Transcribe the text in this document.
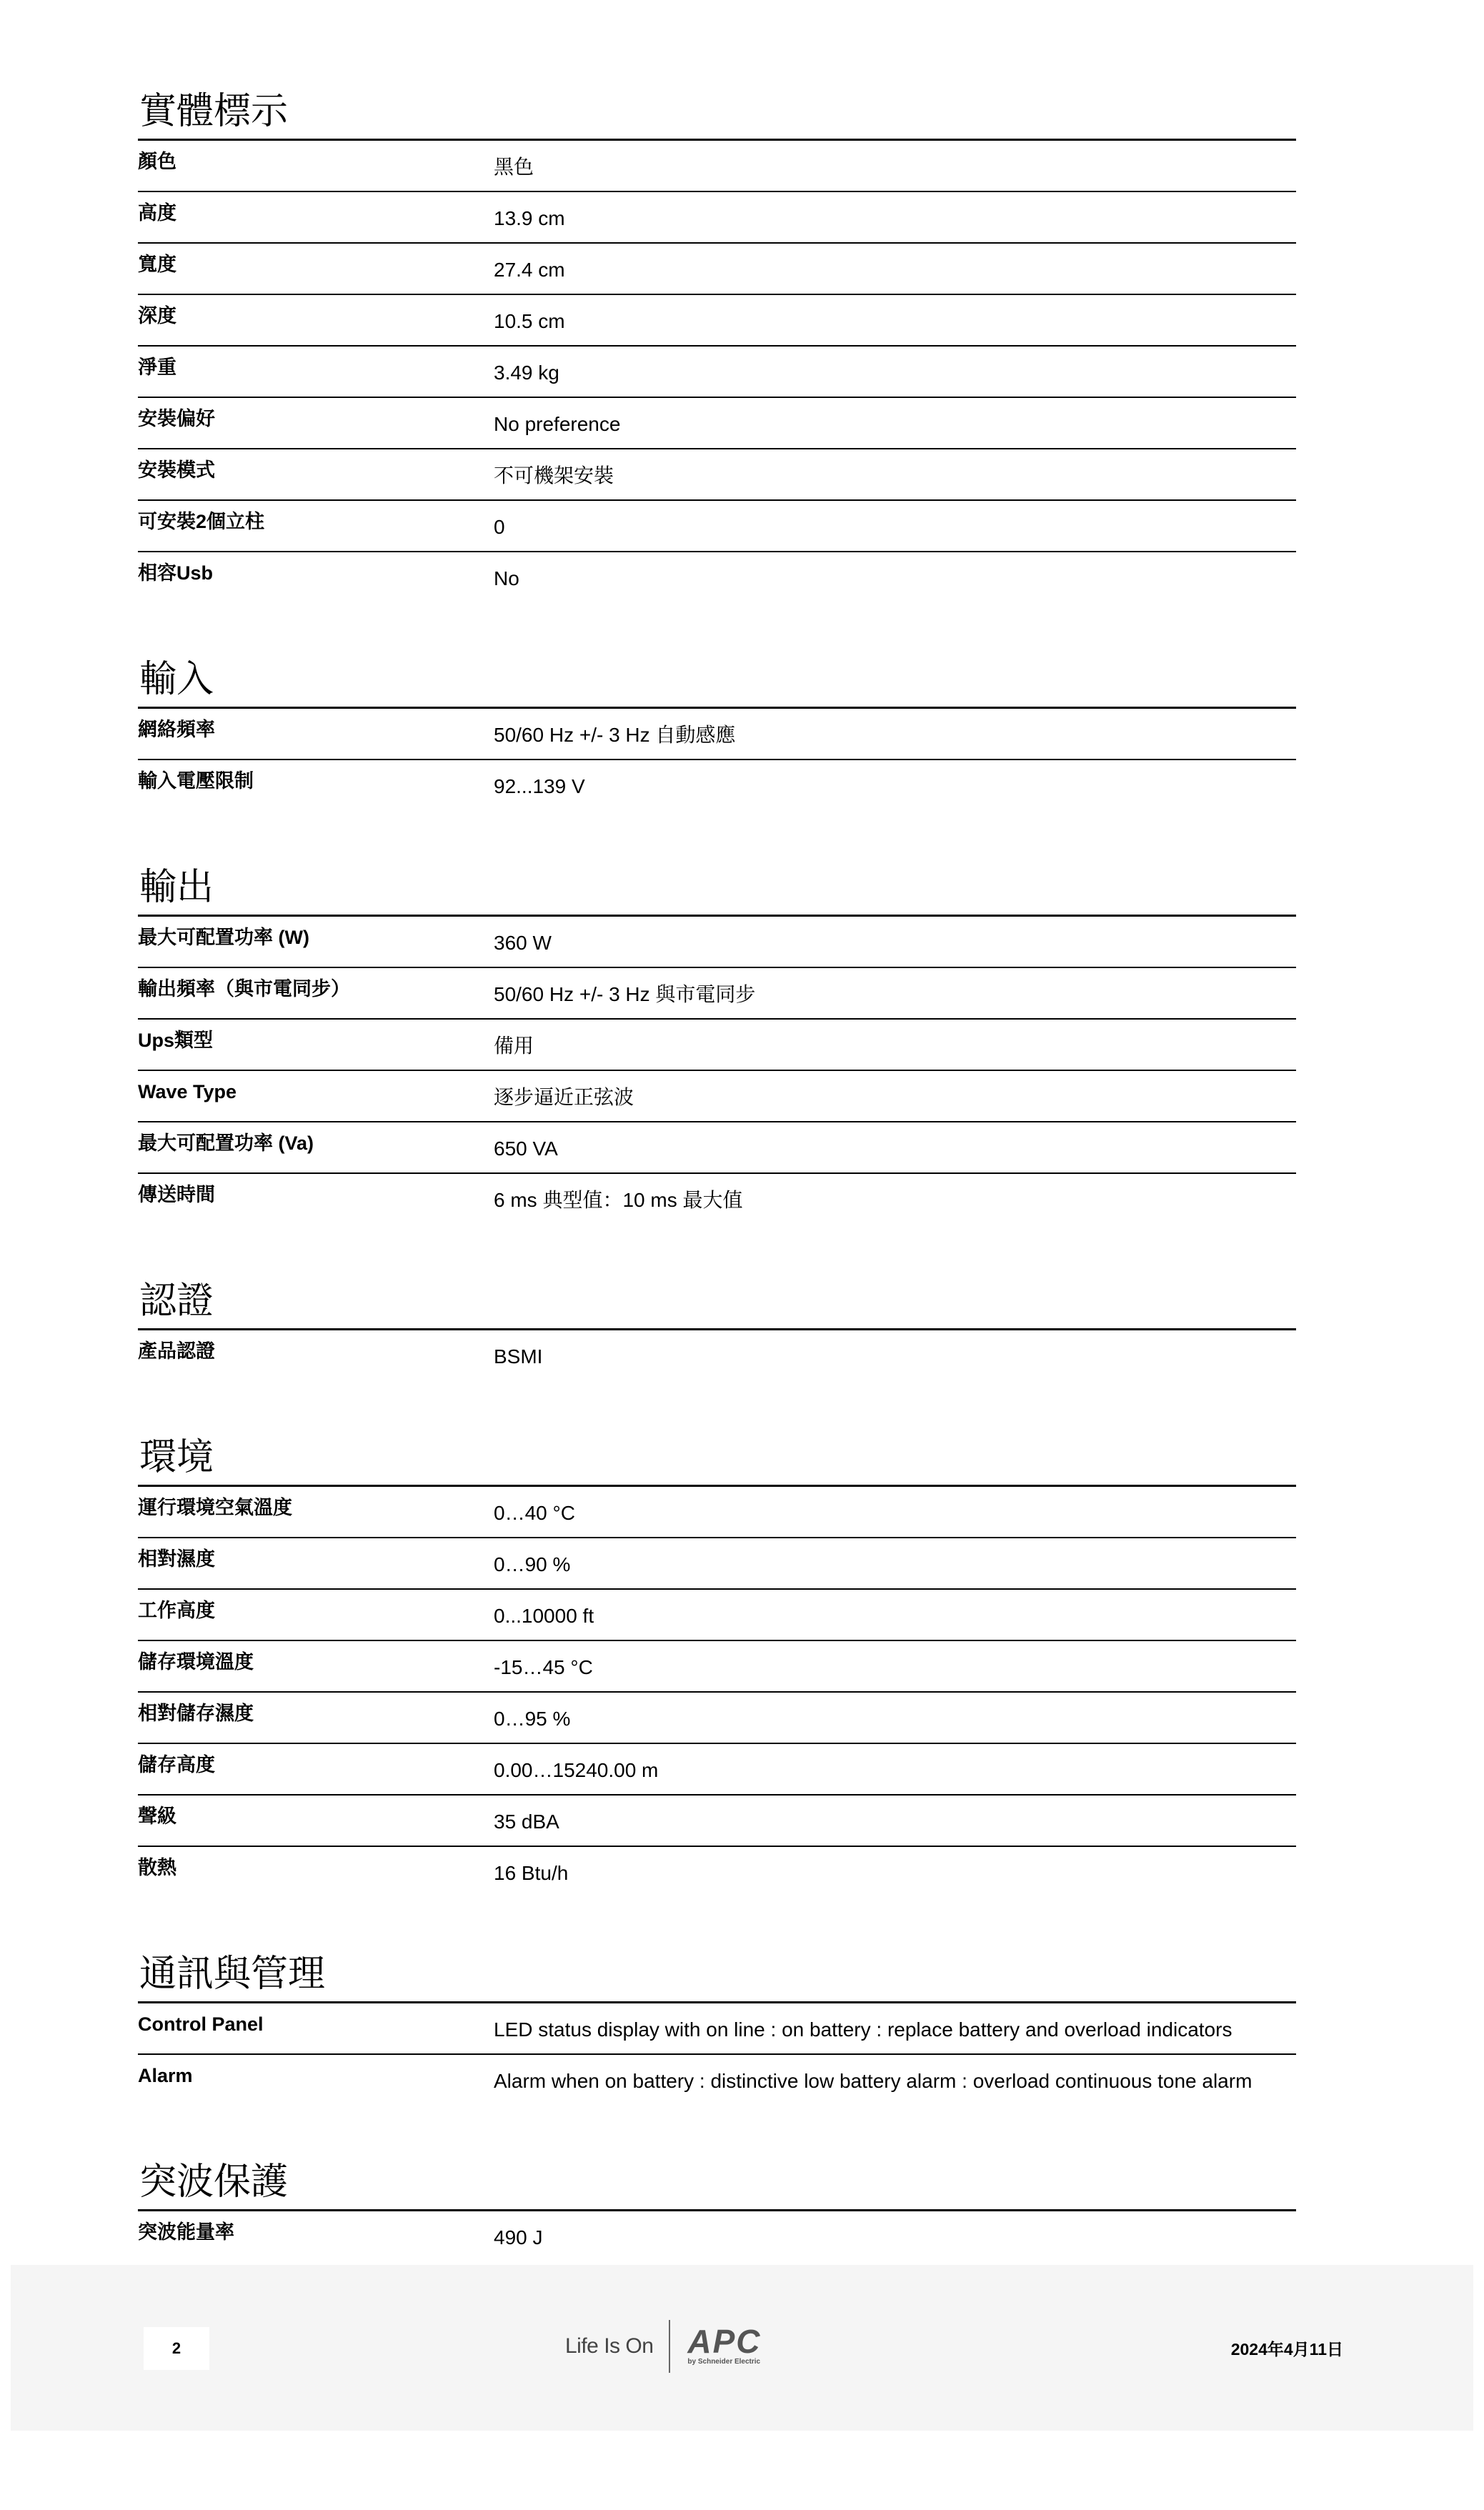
實體標示
顏色	黑色
高度	13.9 cm
寬度	27.4 cm
深度	10.5 cm
淨重	3.49 kg
安裝偏好	No preference
安裝模式	不可機架安裝
可安裝2個立柱	0
相容Usb	No
輸入
網絡頻率	50/60 Hz +/- 3 Hz 自動感應
輸入電壓限制	92...139 V
輸出
最大可配置功率 (W)	360 W
輸出頻率（與市電同步）	50/60 Hz +/- 3 Hz 與市電同步
Ups類型	備用
Wave Type	逐步逼近正弦波
最大可配置功率 (Va)	650 VA
傳送時間	6 ms 典型值：10 ms 最大值
認證
產品認證	BSMI
環境
運行環境空氣溫度	0…40 °C
相對濕度	0…90 %
工作高度	0...10000 ft
儲存環境溫度	-15…45 °C
相對儲存濕度	0…95 %
儲存高度	0.00…15240.00 m
聲級	35 dBA
散熱	16 Btu/h
通訊與管理
Control Panel	LED status display with on line : on battery : replace battery and overload indicators
Alarm	Alarm when on battery : distinctive low battery alarm : overload continuous tone alarm
突波保護
突波能量率	490 J
2	Life Is On APC
by Schneider Electric
2024年4月11日
